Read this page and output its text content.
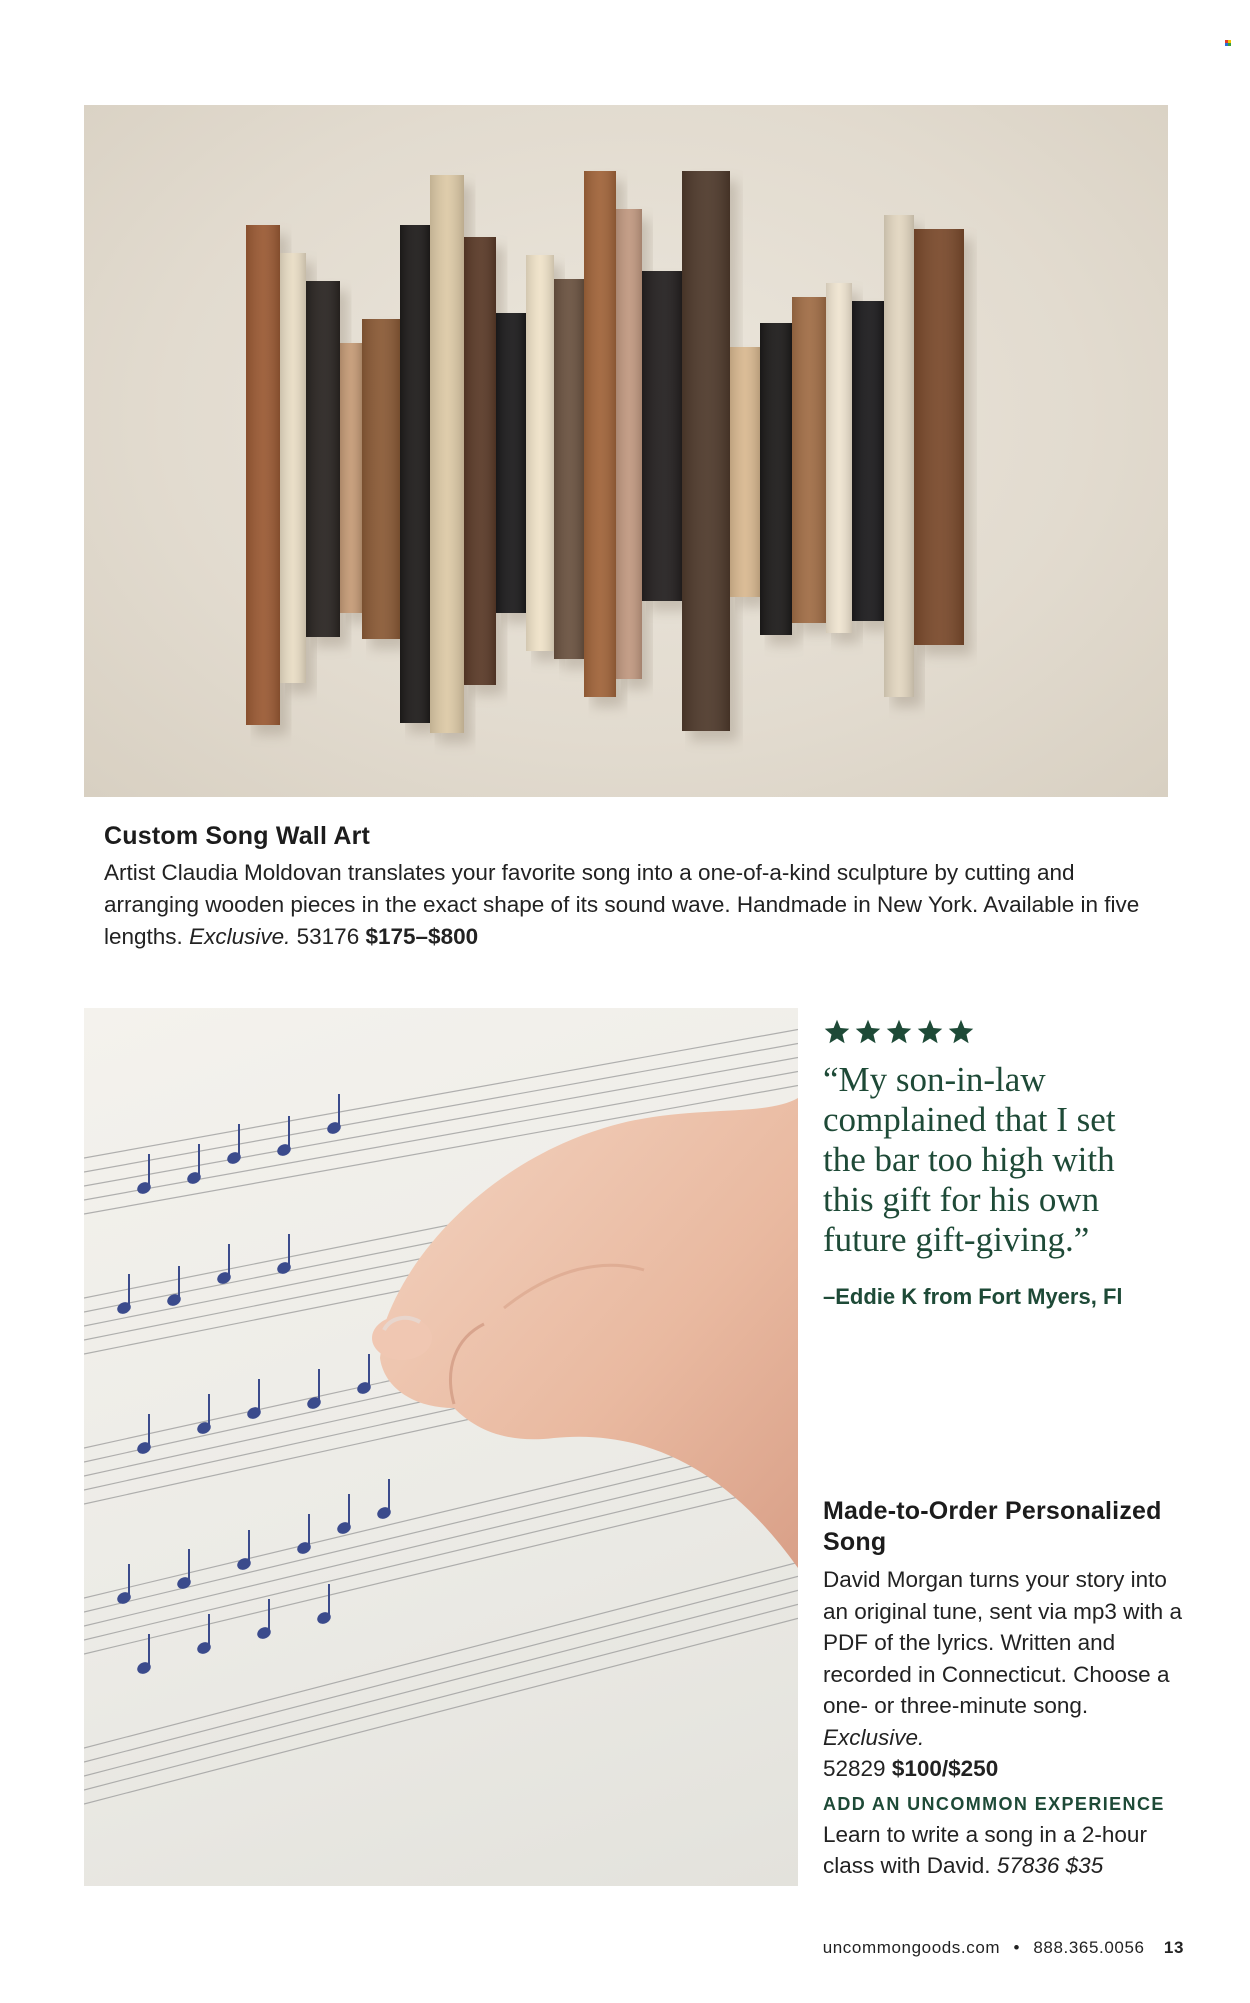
Custom Song Wall Art

Artist Claudia Moldovan translates your favorite song into a one-of-a-kind sculpture by cutting and arranging wooden pieces in the exact shape of its sound wave. Handmade in New York. Available in five lengths. Exclusive. 53176 $175–$800

“My son-in-law complained that I set the bar too high with this gift for his own future gift-giving.”

–Eddie K from Fort Myers, Fl
Made-to-Order Personalized Song

David Morgan turns your story into an original tune, sent via mp3 with a PDF of the lyrics. Written and recorded in Connecticut. Choose a one- or three-minute song. Exclusive.
52829 $100/$250

ADD AN UNCOMMON EXPERIENCE

Learn to write a song in a 2-hour class with David. 57836 $35

uncommongoods.com • 888.365.0056 13
